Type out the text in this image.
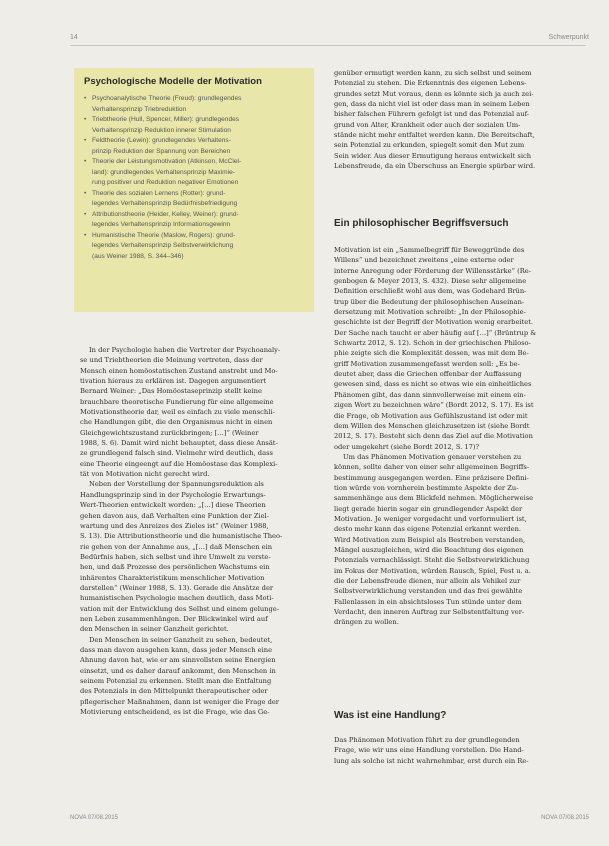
14	Schwerpunkt
Psychologische Modelle der Motivation
• Psychoanalytische Theorie (Freud): grundlegendes
Verhaltensprinzip Triebreduktion
• Triebtheorie (Hull, Spencer, Miller): grundlegendes
Verhaltensprinzip Reduktion innerer Stimulation
• Feldtheorie (Lewin): grundlegendes Verhaltens-
prinzip Reduktion der Spannung von Bereichen
• Theorie der Leistungsmotivation (Atkinson, McClel-
land): grundlegendes Verhaltensprinzip Maximie-
rung positiver und Reduktion negativer Emotionen
• Theorie des sozialen Lernens (Rotter): grund-
legendes Verhaltensprinzip Bedürfnisbefriedigung
• Attributionstheorie (Heider, Kelley, Weiner): grund-
legendes Verhaltensprinzip Informationsgewinn
• Humanistische Theorie (Maslow, Rogers): grund-
legendes Verhaltensprinzip Selbstverwirklichung
(aus Weiner 1988, S. 344–346)
In der Psychologie haben die Vertreter der Psychoanaly-
se und Triebtheorien die Meinung vertreten, dass der
Mensch einen homöostatischen Zustand anstrebt und Mo-
tivation hieraus zu erklären ist. Dagegen argumentiert
Bernard Weiner: „Das Homöostaseprinzip stellt keine
brauchbare theoretische Fundierung für eine allgemeine
Motivationstheorie dar, weil es einfach zu viele menschli-
che Handlungen gibt, die den Organismus nicht in einen
Gleichgewichtszustand zurückbringen; […]“ (Weiner
1988, S. 6). Damit wird nicht behauptet, dass diese Ansät-
ze grundlegend falsch sind. Vielmehr wird deutlich, dass
eine Theorie eingeengt auf die Homöostase das Komplexi-
tät von Motivation nicht gerecht wird.
Neben der Vorstellung der Spannungsreduktion als
Handlungsprinzip sind in der Psychologie Erwartungs-
Wert-Theorien entwickelt worden: „[…] diese Theorien
gehen davon aus, daß Verhalten eine Funktion der Ziel-
wartung und des Anreizes des Zieles ist“ (Weiner 1988,
S. 13). Die Attributionstheorie und die humanistische Theo-
rie gehen von der Annahme aus, „[…] daß Menschen ein
Bedürfnis haben, sich selbst und ihre Umwelt zu verste-
hen, und daß Prozesse des persönlichen Wachstums ein
inhärentes Charakteristikum menschlicher Motivation
darstellen“ (Weiner 1988, S. 13). Gerade die Ansätze der
humanistischen Psychologie machen deutlich, dass Moti-
vation mit der Entwicklung des Selbst und einem gelunge-
nen Leben zusammenhängen. Der Blickwinkel wird auf
den Menschen in seiner Ganzheit gerichtet.
Den Menschen in seiner Ganzheit zu sehen, bedeutet,
dass man davon ausgehen kann, dass jeder Mensch eine
Ahnung davon hat, wie er am sinnvollsten seine Energien
einsetzt, und es daher darauf ankommt, den Menschen in
seinem Potenzial zu erkennen. Stellt man die Entfaltung
des Potenzials in den Mittelpunkt therapeutischer oder
pflegerischer Maßnahmen, dann ist weniger die Frage der
Motivierung entscheidend, es ist die Frage, wie das Ge-
genüber ermutigt werden kann, zu sich selbst und seinem
Potenzial zu stehen. Die Erkenntnis des eigenen Lebens-
grundes setzt Mut voraus, denn es könnte sich ja auch zei-
gen, dass da nicht viel ist oder dass man in seinem Leben
bisher falschen Führern gefolgt ist und das Potenzial auf-
grund von Alter, Krankheit oder auch der sozialen Um-
stände nicht mehr entfaltet werden kann. Die Bereitschaft,
sein Potenzial zu erkunden, spiegelt somit den Mut zum
Sein wider. Aus dieser Ermutigung heraus entwickelt sich
Lebensfreude, da ein Überschuss an Energie spürbar wird.
Ein philosophischer Begriffsversuch
Motivation ist ein „Sammelbegriff für Beweggründe des
Willens“ und bezeichnet zweitens „eine externe oder
interne Anregung oder Förderung der Willensstärke“ (Re-
genbogen & Meyer 2013, S. 432). Diese sehr allgemeine
Definition erschließt wohl aus dem, was Godehard Brün-
trup über die Bedeutung der philosophischen Auseinan-
dersetzung mit Motivation schreibt: „In der Philosophie-
geschichte ist der Begriff der Motivation wenig erarbeitet.
Der Sache nach taucht er aber häufig auf […]“ (Brüntrup &
Schwartz 2012, S. 12). Schon in der griechischen Philoso-
phie zeigte sich die Komplexität dessen, was mit dem Be-
griff Motivation zusammengefasst werden soll: „Es be-
deutet aber, dass die Griechen offenbar der Auffassung
gewesen sind, dass es nicht so etwas wie ein einheitliches
Phänomen gibt, das dann sinnvollerweise mit einem ein-
zigen Wort zu bezeichnen wäre“ (Bordt 2012, S. 17). Es ist
die Frage, ob Motivation aus Gefühlszustand ist oder mit
dem Willen des Menschen gleichzusetzen ist (siehe Bordt
2012, S. 17). Besteht sich denn das Ziel auf die Motivation
oder umgekehrt (siehe Bordt 2012, S. 17)?
Um das Phänomen Motivation genauer verstehen zu
können, sollte daher von einer sehr allgemeinen Begriffs-
bestimmung ausgegangen werden. Eine präzisere Defini-
tion würde von vornherein bestimmte Aspekte der Zu-
sammenhänge aus dem Blickfeld nehmen. Möglicherweise
liegt gerade hierin sogar ein grundlegender Aspekt der
Motivation. Je weniger vorgedacht und vorformuliert ist,
desto mehr kann das eigene Potenzial erkannt werden.
Wird Motivation zum Beispiel als Bestreben verstanden,
Mängel auszugleichen, wird die Beachtung des eigenen
Potenzials vernachlässigt. Steht die Selbstverwirklichung
im Fokus der Motivation, würden Rausch, Spiel, Fest u. a.
die der Lebensfreude dienen, nur allein als Vehikel zur
Selbstverwirklichung verstanden und das frei gewählte
Fallenlassen in ein absichtsloses Tun stünde unter dem
Verdacht, den inneren Auftrag zur Selbstentfaltung ver-
drängen zu wollen.
Was ist eine Handlung?
Das Phänomen Motivation führt zu der grundlegenden
Frage, wie wir uns eine Handlung vorstellen. Die Hand-
lung als solche ist nicht wahrnehmbar, erst durch ein Re-
NOVA 07/08.2015	NOVA 07/08.2015
